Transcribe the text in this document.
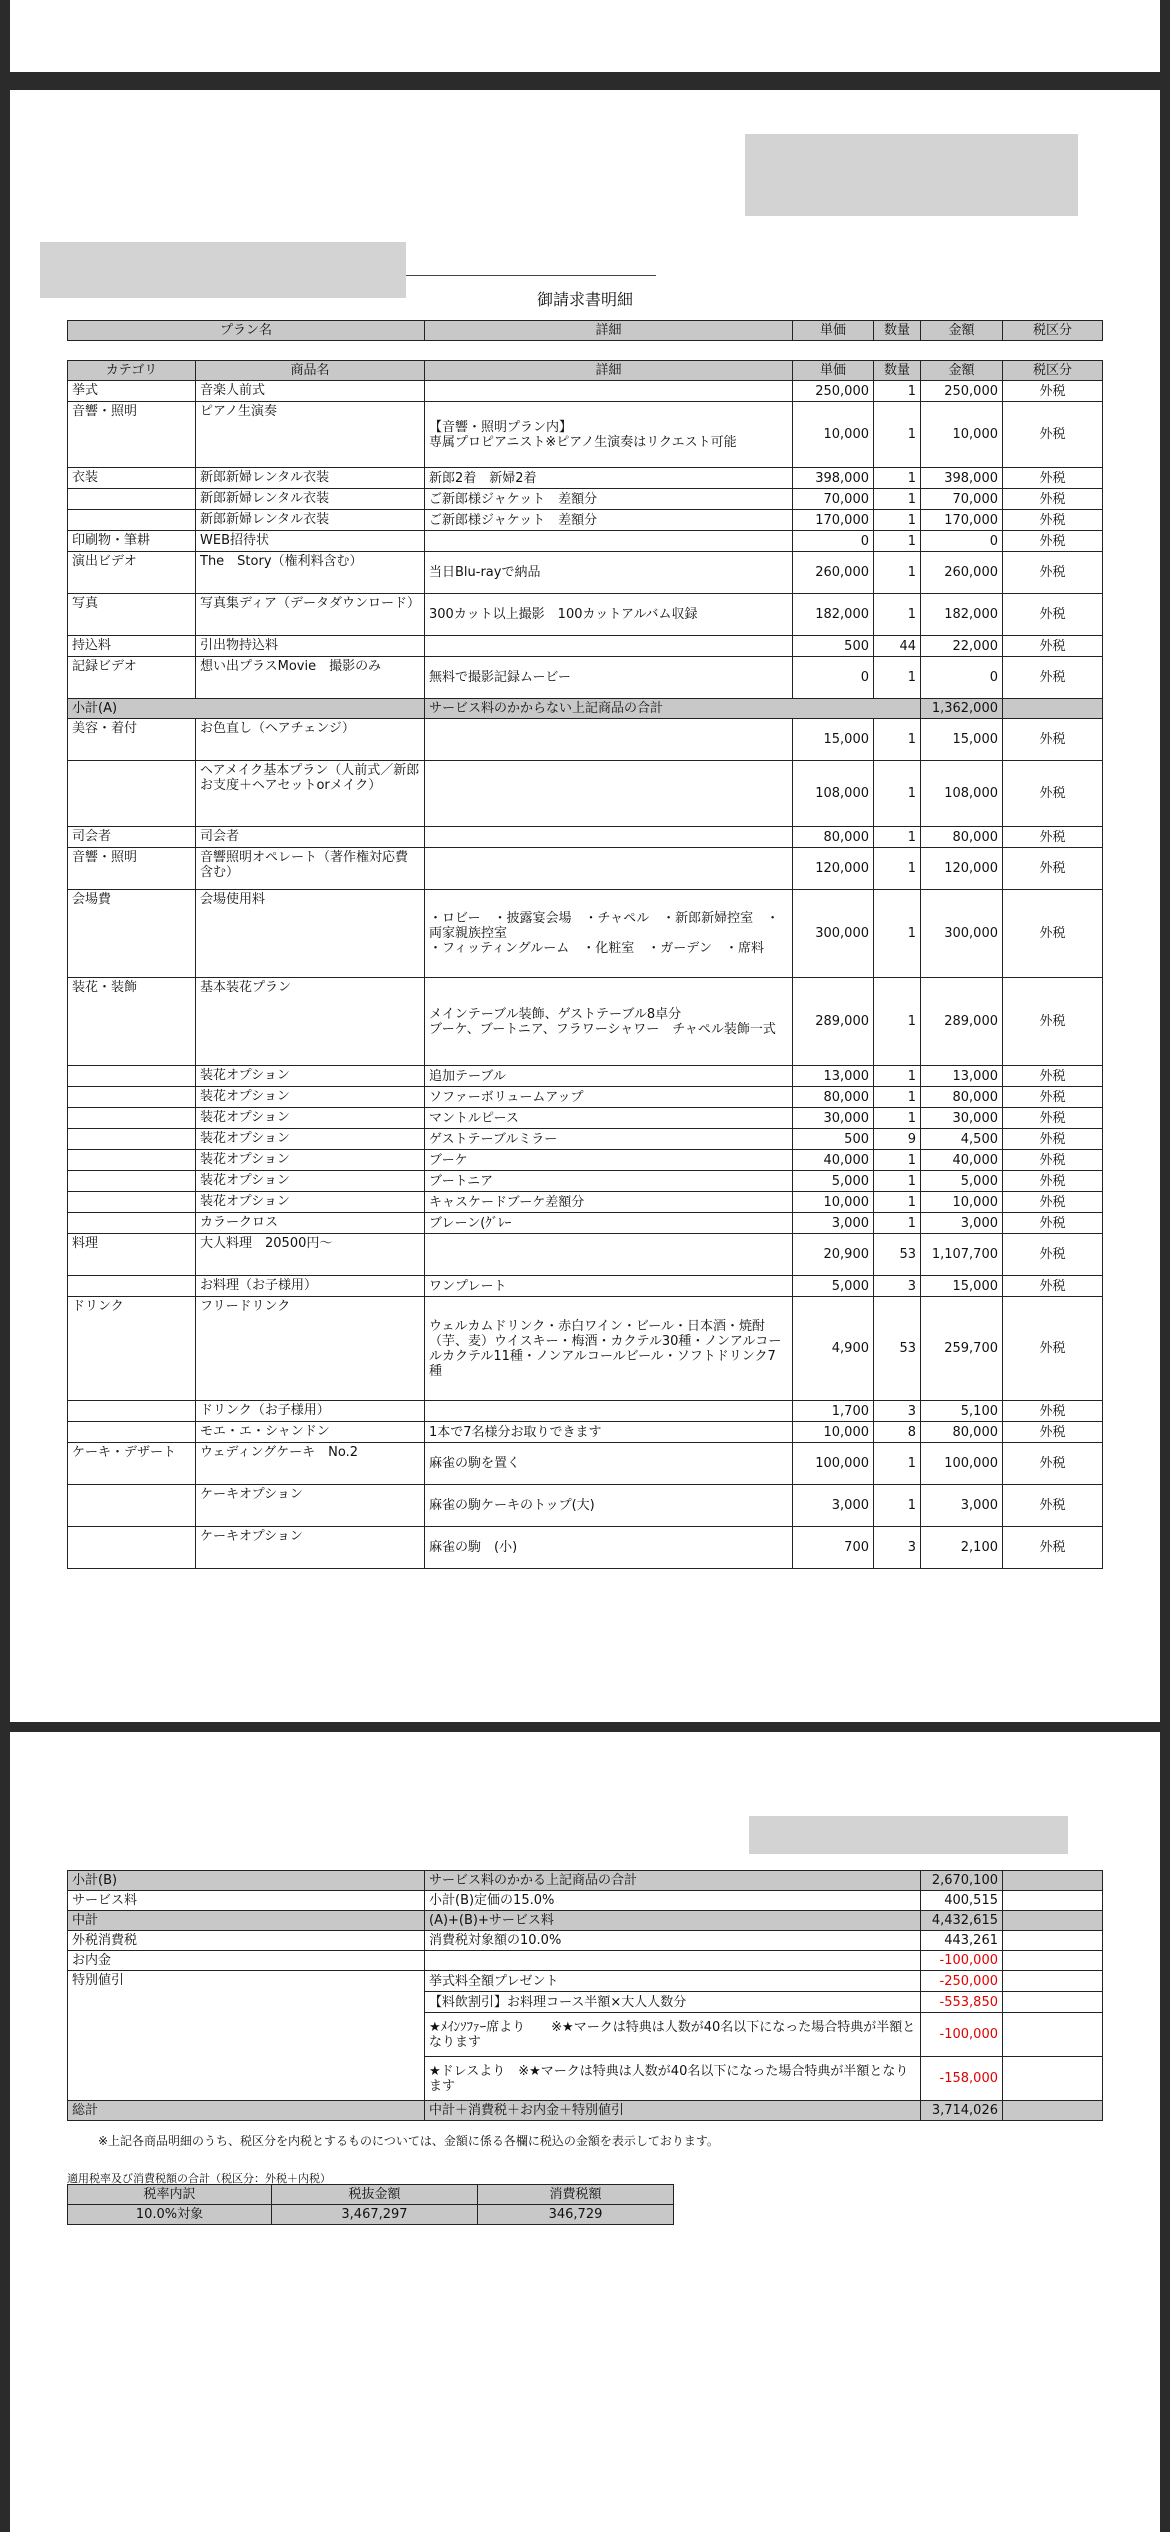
御請求書明細
プラン名	詳細	単価	数量	金額	税区分
カテゴリ	商品名	詳細	単価	数量	金額	税区分
挙式	音楽人前式		250,000	1	250,000	外税
音響・照明	ピアノ生演奏	【音響・照明プラン内】
専属プロピアニスト※ピアノ生演奏はリクエスト可能	10,000	1	10,000	外税
衣装	新郎新婦レンタル衣装	新郎2着　新婦2着	398,000	1	398,000	外税
	新郎新婦レンタル衣装	ご新郎様ジャケット　差額分	70,000	1	70,000	外税
	新郎新婦レンタル衣装	ご新郎様ジャケット　差額分	170,000	1	170,000	外税
印刷物・筆耕	WEB招待状		0	1	0	外税
演出ビデオ	The　Story（権利料含む）	当日Blu-rayで納品	260,000	1	260,000	外税
写真	写真集ディア（データダウンロード）	300カット以上撮影　100カットアルバム収録	182,000	1	182,000	外税
持込料	引出物持込料		500	44	22,000	外税
記録ビデオ	想い出プラスMovie　撮影のみ	無料で撮影記録ムービー	0	1	0	外税
小計(A)		サービス料のかからない上記商品の合計			1,362,000	
美容・着付	お色直し（ヘアチェンジ）		15,000	1	15,000	外税
	ヘアメイク基本プラン（人前式／新郎お支度＋ヘアセットorメイク）		108,000	1	108,000	外税
司会者	司会者		80,000	1	80,000	外税
音響・照明	音響照明オペレート（著作権対応費含む）		120,000	1	120,000	外税
会場費	会場使用料	・ロビー　・披露宴会場　・チャペル　・新郎新婦控室　・両家親族控室
・フィッティングルーム　・化粧室　・ガーデン　・席料	300,000	1	300,000	外税
装花・装飾	基本装花プラン	メインテーブル装飾、ゲストテーブル8卓分
ブーケ、ブートニア、フラワーシャワー　チャペル装飾一式	289,000	1	289,000	外税
	装花オプション	追加テーブル	13,000	1	13,000	外税
	装花オプション	ソファーボリュームアップ	80,000	1	80,000	外税
	装花オプション	マントルピース	30,000	1	30,000	外税
	装花オプション	ゲストテーブルミラー	500	9	4,500	外税
	装花オプション	ブーケ	40,000	1	40,000	外税
	装花オプション	ブートニア	5,000	1	5,000	外税
	装花オプション	キャスケードブーケ差額分	10,000	1	10,000	外税
	カラークロス	ブレーン(ｸﾞﾚｰ	3,000	1	3,000	外税
料理	大人料理　20500円～		20,900	53	1,107,700	外税
	お料理（お子様用）	ワンプレート	5,000	3	15,000	外税
ドリンク	フリードリンク	ウェルカムドリンク・赤白ワイン・ビール・日本酒・焼酎（芋、麦）ウイスキー・梅酒・カクテル30種・ノンアルコールカクテル11種・ノンアルコールビール・ソフトドリンク7種	4,900	53	259,700	外税
	ドリンク（お子様用）		1,700	3	5,100	外税
	モエ・エ・シャンドン	1本で7名様分お取りできます	10,000	8	80,000	外税
ケーキ・デザート	ウェディングケーキ　No.2	麻雀の駒を置く	100,000	1	100,000	外税
	ケーキオプション	麻雀の駒ケーキのトップ(大)	3,000	1	3,000	外税
	ケーキオプション	麻雀の駒　(小)	700	3	2,100	外税
小計(B)	サービス料のかかる上記商品の合計	2,670,100	
サービス料	小計(B)定価の15.0%	400,515	
中計	(A)+(B)+サービス料	4,432,615	
外税消費税	消費税対象額の10.0%	443,261	
お内金		-100,000	
特別値引	挙式料全額プレゼント	-250,000	
	【料飲割引】お料理コース半額×大人人数分	-553,850	
	★ﾒｲﾝｿﾌｧｰ席より　　※★マークは特典は人数が40名以下になった場合特典が半額となります	-100,000	
	★ドレスより　※★マークは特典は人数が40名以下になった場合特典が半額となります	-158,000	
総計	中計＋消費税＋お内金＋特別値引	3,714,026	
※上記各商品明細のうち、税区分を内税とするものについては、金額に係る各欄に税込の金額を表示しております。
適用税率及び消費税額の合計（税区分：外税＋内税）
税率内訳	税抜金額	消費税額
10.0%対象	3,467,297	346,729
